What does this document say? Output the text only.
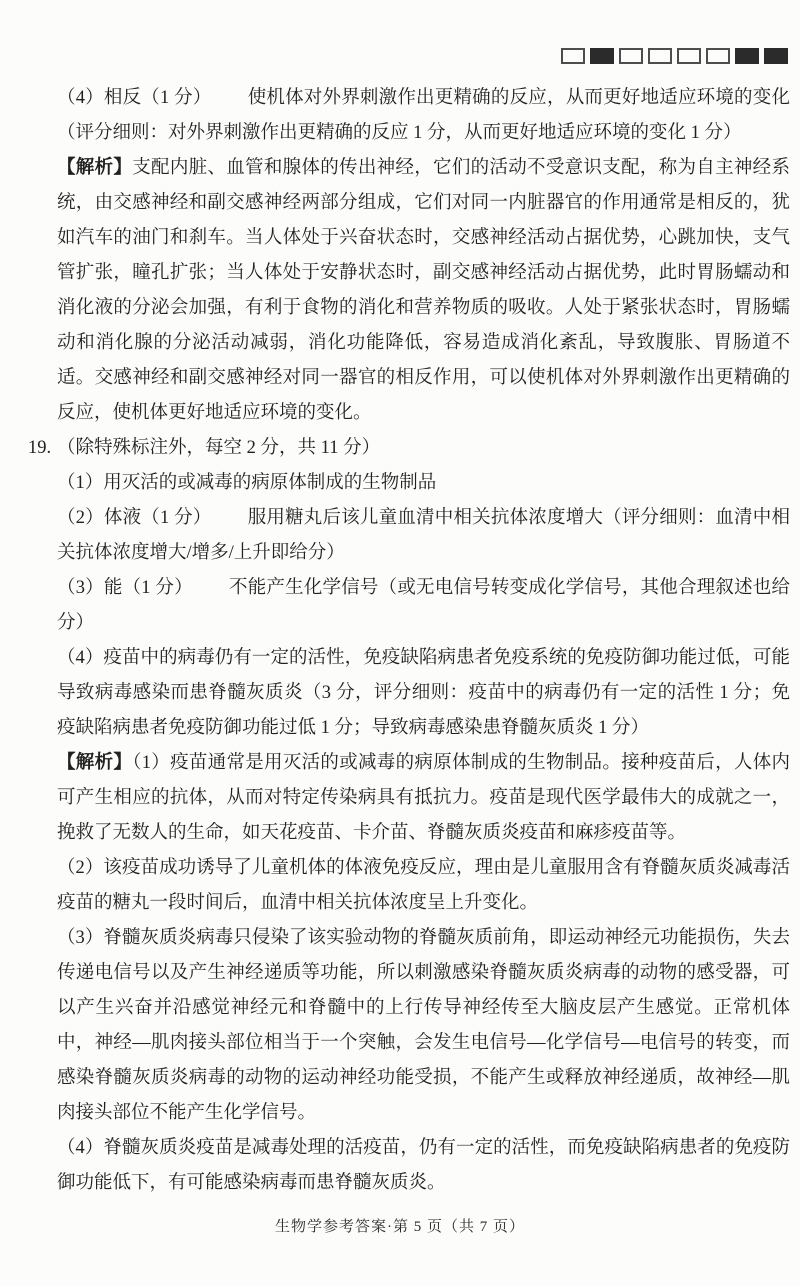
（4）相反（1 分） 使机体对外界刺激作出更精确的反应，从而更好地适应环境的变化（评分细则：对外界刺激作出更精确的反应 1 分，从而更好地适应环境的变化 1 分）

【解析】支配内脏、血管和腺体的传出神经，它们的活动不受意识支配，称为自主神经系统，由交感神经和副交感神经两部分组成，它们对同一内脏器官的作用通常是相反的，犹如汽车的油门和刹车。当人体处于兴奋状态时，交感神经活动占据优势，心跳加快，支气管扩张，瞳孔扩张；当人体处于安静状态时，副交感神经活动占据优势，此时胃肠蠕动和消化液的分泌会加强，有利于食物的消化和营养物质的吸收。人处于紧张状态时，胃肠蠕动和消化腺的分泌活动减弱，消化功能降低，容易造成消化紊乱，导致腹胀、胃肠道不适。交感神经和副交感神经对同一器官的相反作用，可以使机体对外界刺激作出更精确的反应，使机体更好地适应环境的变化。

19. （除特殊标注外，每空 2 分，共 11 分）

（1）用灭活的或减毒的病原体制成的生物制品

（2）体液（1 分） 服用糖丸后该儿童血清中相关抗体浓度增大（评分细则：血清中相关抗体浓度增大/增多/上升即给分）

（3）能（1 分） 不能产生化学信号（或无电信号转变成化学信号，其他合理叙述也给分）

（4）疫苗中的病毒仍有一定的活性，免疫缺陷病患者免疫系统的免疫防御功能过低，可能导致病毒感染而患脊髓灰质炎（3 分，评分细则：疫苗中的病毒仍有一定的活性 1 分；免疫缺陷病患者免疫防御功能过低 1 分；导致病毒感染患脊髓灰质炎 1 分）

【解析】（1）疫苗通常是用灭活的或减毒的病原体制成的生物制品。接种疫苗后，人体内可产生相应的抗体，从而对特定传染病具有抵抗力。疫苗是现代医学最伟大的成就之一，挽救了无数人的生命，如天花疫苗、卡介苗、脊髓灰质炎疫苗和麻疹疫苗等。

（2）该疫苗成功诱导了儿童机体的体液免疫反应，理由是儿童服用含有脊髓灰质炎减毒活疫苗的糖丸一段时间后，血清中相关抗体浓度呈上升变化。

（3）脊髓灰质炎病毒只侵染了该实验动物的脊髓灰质前角，即运动神经元功能损伤，失去传递电信号以及产生神经递质等功能，所以刺激感染脊髓灰质炎病毒的动物的感受器，可以产生兴奋并沿感觉神经元和脊髓中的上行传导神经传至大脑皮层产生感觉。正常机体中，神经—肌肉接头部位相当于一个突触，会发生电信号—化学信号—电信号的转变，而感染脊髓灰质炎病毒的动物的运动神经功能受损，不能产生或释放神经递质，故神经—肌肉接头部位不能产生化学信号。

（4）脊髓灰质炎疫苗是减毒处理的活疫苗，仍有一定的活性，而免疫缺陷病患者的免疫防御功能低下，有可能感染病毒而患脊髓灰质炎。

生物学参考答案·第 5 页（共 7 页）
